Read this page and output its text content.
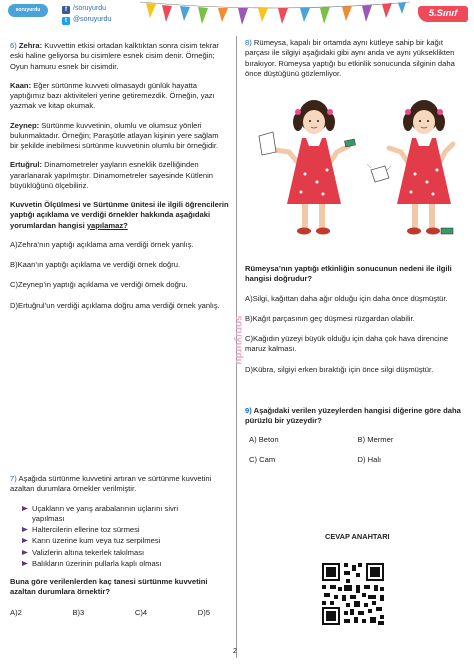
soruyurdu	f /soruyurdu
t @soruyurdu
5.Sınıf

6) Zehra: Kuvvettin etkisi ortadan kalktıktan sonra cisim tekrar eski haline geliyorsa bu cisimlere esnek cisim denir. Örneğin; Oyun hamuru esnek bir cisimdir.

Kaan: Eğer sürtünme kuvveti olmasaydı günlük hayatta yaptığımız bazı aktiviteleri yerine getiremezdik. Örneğin, yazı yazmak ve kitap okumak.

Zeynep: Sürtünme kuvvetinin, olumlu ve olumsuz yönleri bulunmaktadır. Örneğin; Paraşütle atlayan kişinin yere sağlam bir şekilde inebilmesi sürtünme kuvvetinin olumlu bir örneğidir.

Ertuğrul: Dinamometreler yayların esneklik özelliğinden yararlanarak yapılmıştır. Dinamometreler sayesinde Kütlenin büyüklüğünü ölçebiliriz.

Kuvvetin Ölçülmesi ve Sürtünme ünitesi ile ilgili öğrencilerin yaptığı açıklama ve verdiği örnekler hakkında aşağıdaki yorumlardan hangisi yapılamaz?

A)Zehra’nın yaptığı açıklama ama verdiği örnek yanlış.
B)Kaan’ın yaptığı açıklama ve verdiği örnek doğru.
C)Zeynep’in yaptığı açıklama ve verdiği örnek doğru.
D)Ertuğrul’un verdiği açıklama doğru ama verdiği örnek yanlış.

7) Aşağıda sürtünme kuvvetini artıran ve sürtünme kuvvetini azaltan durumlara örnekler verilmiştir.

Uçakların ve yarış arabalarının uçlarını sivri
yapılması
Haltercilerin ellerine toz sürmesi
Karın üzerine kum veya tuz serpilmesi
Valizlerin altına tekerlek takılması
Balıkların üzerinin pullarla kaplı olması

Buna göre verilenlerden kaç tanesi sürtünme kuvvetini azaltan durumlara örnektir?

A)2	B)3	C)4	D)5

8) Rümeysa, kapalı bir ortamda aynı kütleye sahip bir kağıt parçası ile silgiyi aşağıdaki gibi aynı anda ve aynı yükseklikten bırakıyor. Rümeysa yaptığı bu etkinlik sonucunda silginin daha önce düştüğünü gözlemliyor.

Rümeysa’nın yaptığı etkinliğin sonucunun nedeni ile ilgili hangisi doğrudur?

A)Silgi, kağıttan daha ağır olduğu için daha önce düşmüştür.
B)Kağıt parçasının geç düşmesi rüzgardan olabilir.
C)Kağıdın yüzeyi büyük olduğu için daha çok hava direncine maruz kalması.
D)Kübra, silgiyi erken bıraktığı için önce silgi düşmüştür.

9) Aşağıdaki verilen yüzeylerden hangisi diğerine göre daha pürüzlü bir yüzeydir?

A) Beton	B) Mermer
C) Cam	D) Halı
CEVAP ANAHTARI
soruyurdu
2
